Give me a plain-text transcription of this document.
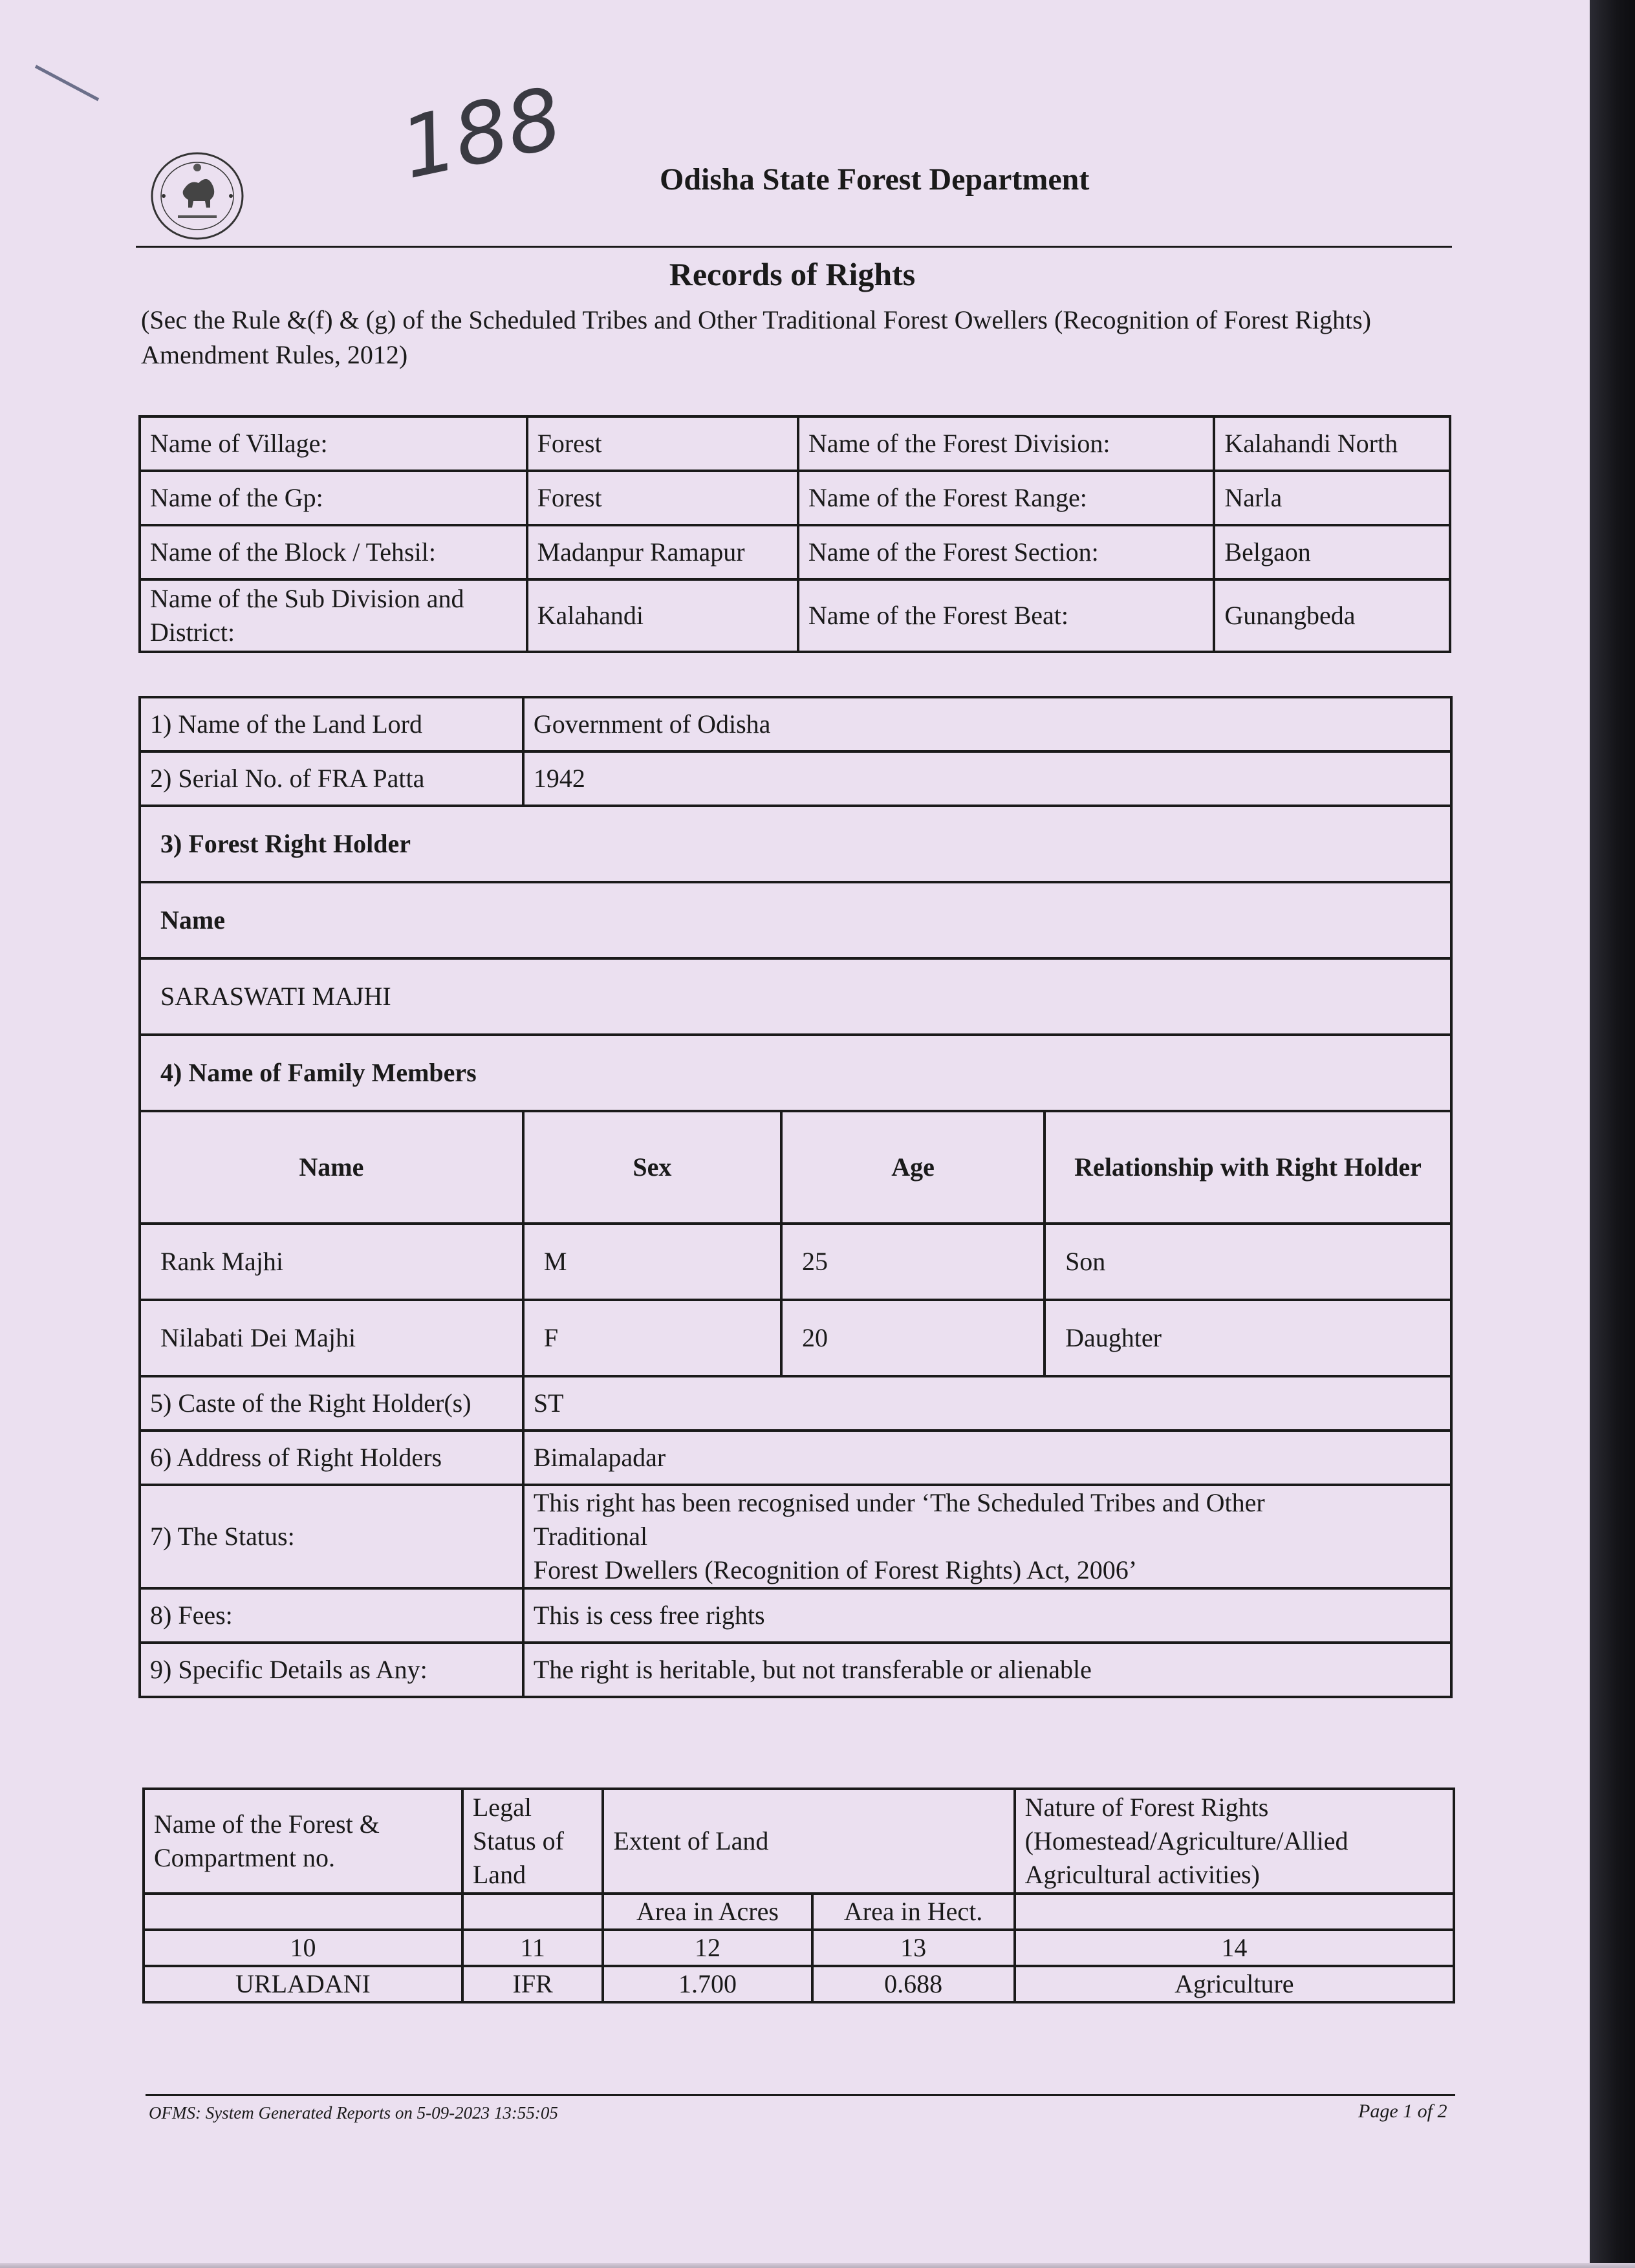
188	Odisha State Forest Department
Records of Rights
(Sec the Rule &(f) & (g) of the Scheduled Tribes and Other Traditional Forest Owellers (Recognition of Forest Rights) Amendment Rules, 2012)
Name of Village:	Forest	Name of the Forest Division:	Kalahandi North
Name of the Gp:	Forest	Name of the Forest Range:	Narla
Name of the Block / Tehsil:	Madanpur Ramapur	Name of the Forest Section:	Belgaon
Name of the Sub Division and District:	Kalahandi	Name of the Forest Beat:	Gunangbeda
1) Name of the Land Lord	Government of Odisha		
2) Serial No. of FRA Patta	1942		
3) Forest Right Holder			
Name			
SARASWATI MAJHI			
4) Name of Family Members			
Name	Sex	Age	Relationship with Right Holder
Rank Majhi	M	25	Son
Nilabati Dei Majhi	F	20	Daughter
5) Caste of the Right Holder(s)	ST		
6) Address of Right Holders	Bimalapadar		
7) The Status:	This right has been recognised under ‘The Scheduled Tribes and Other
Traditional
Forest Dwellers (Recognition of Forest Rights) Act, 2006’		

8) Fees:	This is cess free rights		
9) Specific Details as Any:	The right is heritable, but not transferable or alienable		
Name of the Forest & Compartment no.	Legal Status of Land	Extent of Land		Nature of Forest Rights (Homestead/Agriculture/Allied Agricultural activities)
		Area in Acres	Area in Hect.	
10	11	12	13	14
URLADANI	IFR	1.700	0.688	Agriculture
OFMS: System Generated Reports on 5-09-2023 13:55:05	Page 1 of 2
